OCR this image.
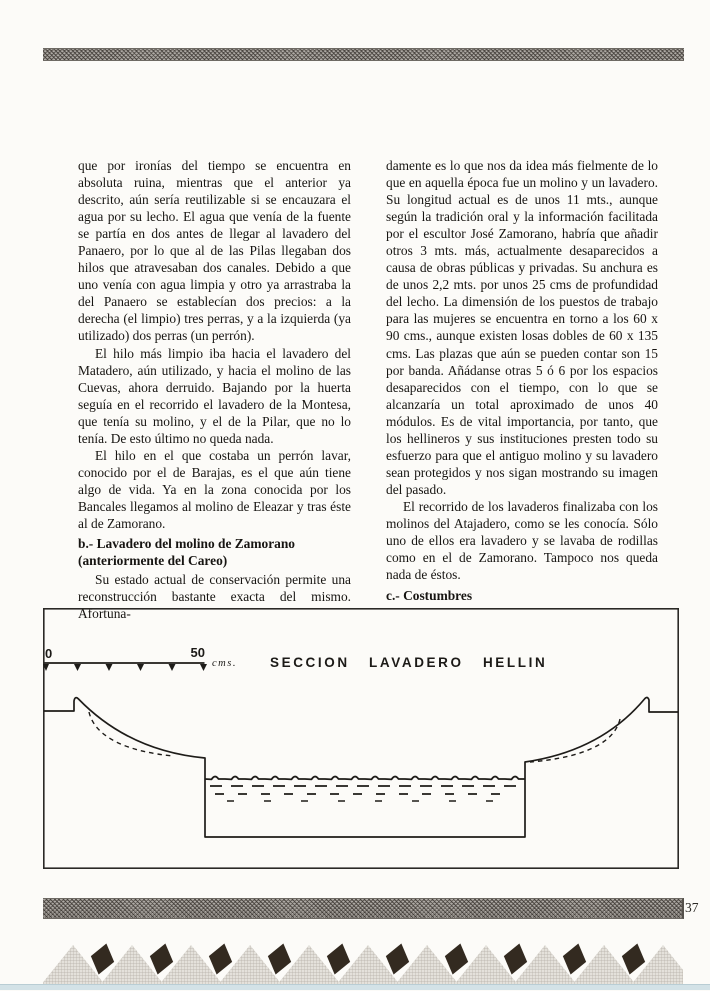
que por ironías del tiempo se encuentra en absoluta ruina, mientras que el anterior ya descrito, aún sería reutilizable si se encauzara el agua por su lecho. El agua que venía de la fuente se partía en dos antes de llegar al lavadero del Panaero, por lo que al de las Pilas llegaban dos hilos que atravesaban dos canales. Debido a que uno venía con agua limpia y otro ya arrastraba la del Panaero se establecían dos precios: a la derecha (el limpio) tres perras, y a la izquierda (ya utilizado) dos perras (un perrón).

El hilo más limpio iba hacia el lavadero del Matadero, aún utilizado, y hacia el molino de las Cuevas, ahora derruido. Bajando por la huerta seguía en el recorrido el lavadero de la Montesa, que tenía su molino, y el de la Pilar, que no lo tenía. De esto último no queda nada.

El hilo en el que costaba un perrón lavar, conocido por el de Barajas, es el que aún tiene algo de vida. Ya en la zona conocida por los Bancales llegamos al molino de Eleazar y tras éste al de Zamorano.

b.- Lavadero del molino de Zamorano (anteriormente del Careo)

Su estado actual de conservación permite una reconstrucción bastante exacta del mismo. Afortuna-

damente es lo que nos da idea más fielmente de lo que en aquella época fue un molino y un lavadero. Su longitud actual es de unos 11 mts., aunque según la tradición oral y la información facilitada por el escultor José Zamorano, habría que añadir otros 3 mts. más, actualmente desaparecidos a causa de obras públicas y privadas. Su anchura es de unos 2,2 mts. por unos 25 cms de profundidad del lecho. La dimensión de los puestos de trabajo para las mujeres se encuentra en torno a los 60 x 90 cms., aunque existen losas dobles de 60 x 135 cms. Las plazas que aún se pueden contar son 15 por banda. Añádanse otras 5 ó 6 por los espacios desaparecidos con el tiempo, con lo que se alcanzaría un total aproximado de unos 40 módulos. Es de vital importancia, por tanto, que los hellineros y sus instituciones presten todo su esfuerzo para que el antiguo molino y su lavadero sean protegidos y nos sigan mostrando su imagen del pasado.

El recorrido de los lavaderos finalizaba con los molinos del Atajadero, como se les conocía. Sólo uno de ellos era lavadero y se lavaba de rodillas como en el de Zamorano. Tampoco nos queda nada de éstos.

c.- Costumbres

0	50
cms. SECCION LAVADERO HELLIN
37
